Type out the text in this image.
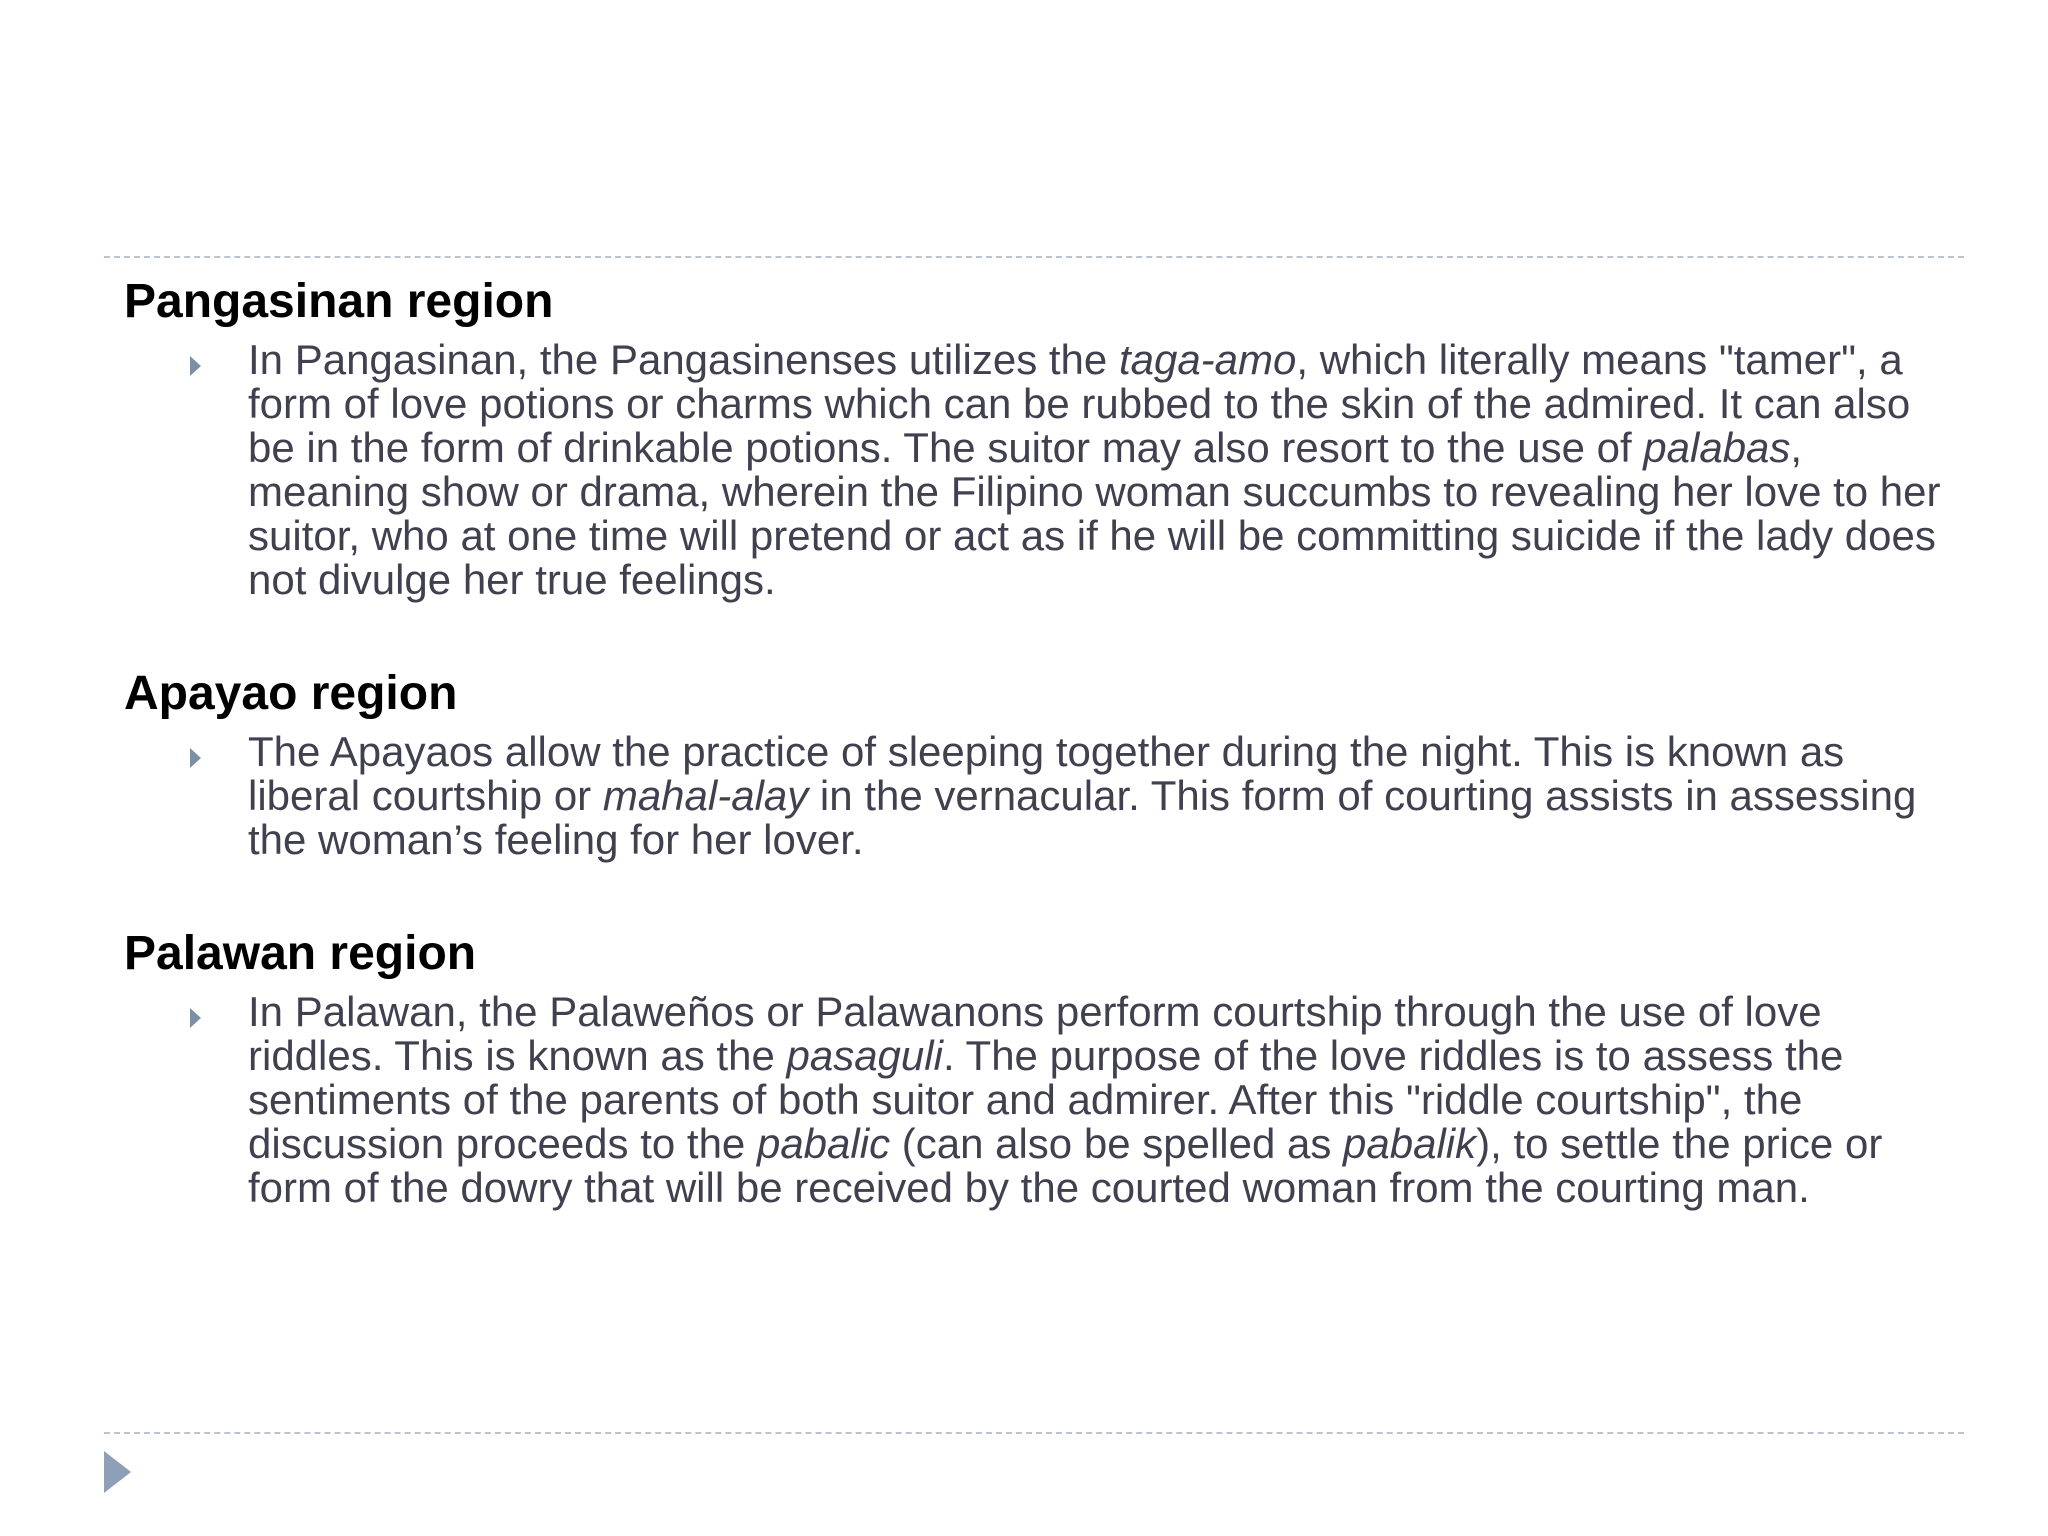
Pangasinan region

In Pangasinan, the Pangasinenses utilizes the taga-amo, which literally means "tamer", a form of love potions or charms which can be rubbed to the skin of the admired. It can also be in the form of drinkable potions. The suitor may also resort to the use of palabas, meaning show or drama, wherein the Filipino woman succumbs to revealing her love to her suitor, who at one time will pretend or act as if he will be committing suicide if the lady does not divulge her true feelings.

Apayao region

The Apayaos allow the practice of sleeping together during the night. This is known as liberal courtship or mahal-alay in the vernacular. This form of courting assists in assessing the woman’s feeling for her lover.

Palawan region

In Palawan, the Palaweños or Palawanons perform courtship through the use of love riddles. This is known as the pasaguli. The purpose of the love riddles is to assess the sentiments of the parents of both suitor and admirer. After this "riddle courtship", the discussion proceeds to the pabalic (can also be spelled as pabalik), to settle the price or form of the dowry that will be received by the courted woman from the courting man.
